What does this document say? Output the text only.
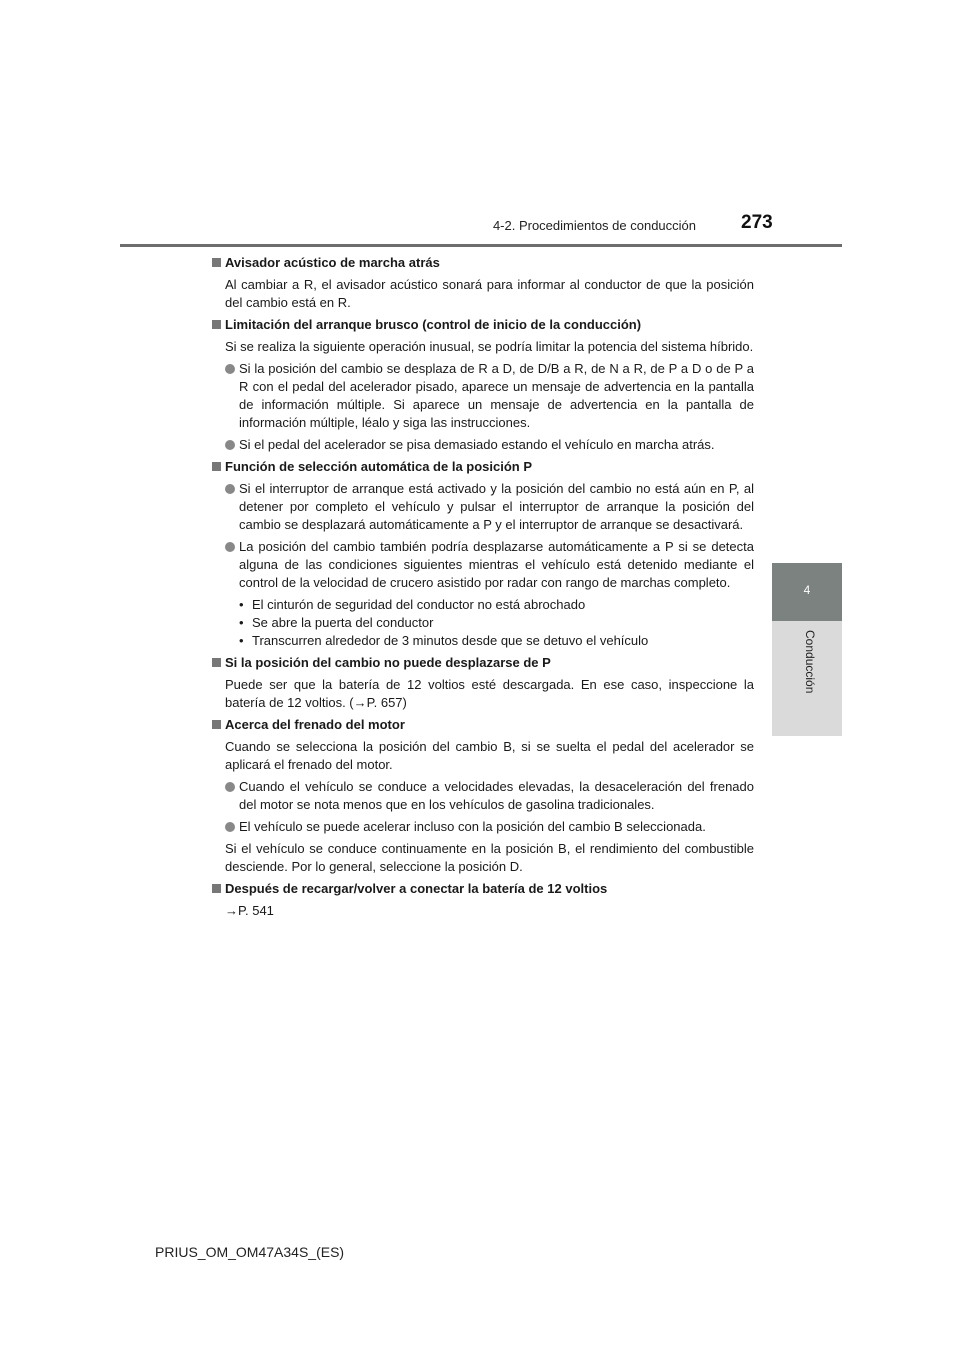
4-2. Procedimientos de conducción 273
4
Conducción
Avisador acústico de marcha atrás
Al cambiar a R, el avisador acústico sonará para informar al conductor de que la posición del cambio está en R.
Limitación del arranque brusco (control de inicio de la conducción)
Si se realiza la siguiente operación inusual, se podría limitar la potencia del sistema híbrido.
Si la posición del cambio se desplaza de R a D, de D/B a R, de N a R, de P a D o de P a R con el pedal del acelerador pisado, aparece un mensaje de advertencia en la pantalla de información múltiple. Si aparece un mensaje de advertencia en la pantalla de información múltiple, léalo y siga las instrucciones.
Si el pedal del acelerador se pisa demasiado estando el vehículo en marcha atrás.
Función de selección automática de la posición P
Si el interruptor de arranque está activado y la posición del cambio no está aún en P, al detener por completo el vehículo y pulsar el interruptor de arranque la posición del cambio se desplazará automáticamente a P y el interruptor de arranque se desactivará.
La posición del cambio también podría desplazarse automáticamente a P si se detecta alguna de las condiciones siguientes mientras el vehículo está detenido mediante el control de la velocidad de crucero asistido por radar con rango de marchas completo.
• El cinturón de seguridad del conductor no está abrochado
• Se abre la puerta del conductor
• Transcurren alrededor de 3 minutos desde que se detuvo el vehículo
Si la posición del cambio no puede desplazarse de P
Puede ser que la batería de 12 voltios esté descargada. En ese caso, inspeccione la batería de 12 voltios. (→P. 657)
Acerca del frenado del motor
Cuando se selecciona la posición del cambio B, si se suelta el pedal del acelerador se aplicará el frenado del motor.
Cuando el vehículo se conduce a velocidades elevadas, la desaceleración del frenado del motor se nota menos que en los vehículos de gasolina tradicionales.
El vehículo se puede acelerar incluso con la posición del cambio B seleccionada.
Si el vehículo se conduce continuamente en la posición B, el rendimiento del combustible desciende. Por lo general, seleccione la posición D.
Después de recargar/volver a conectar la batería de 12 voltios
→P. 541
PRIUS_OM_OM47A34S_(ES)
